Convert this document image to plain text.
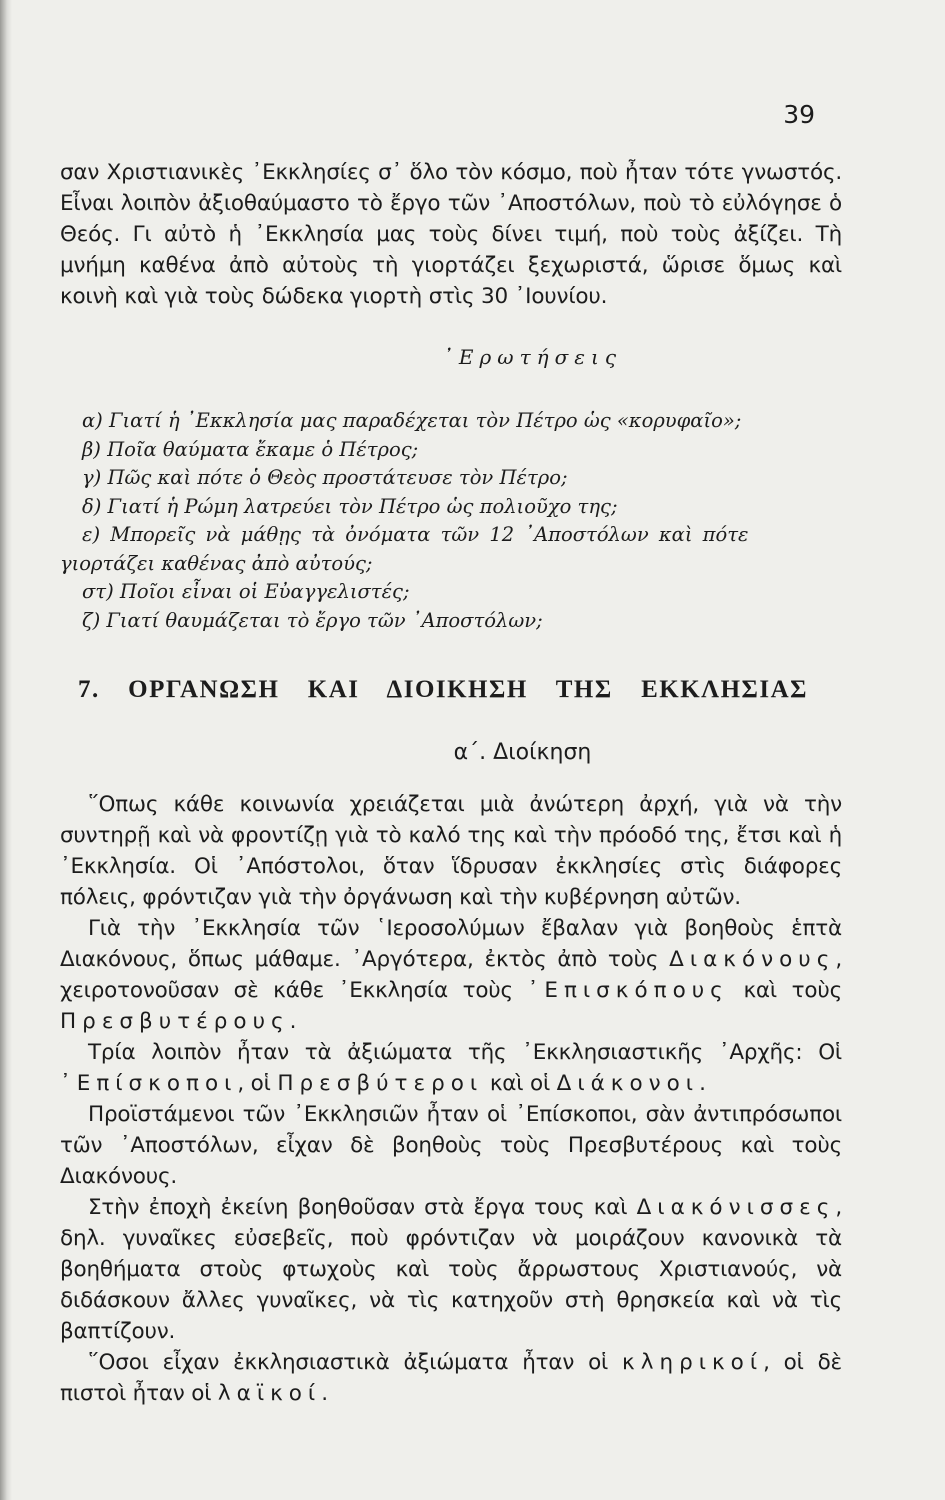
39

σαν Χριστιανικὲς ᾿Εκκλησίες σ᾿ ὅλο τὸν κόσμο, ποὺ ἦταν τότε γνωστός. Εἶναι λοιπὸν ἀξιοθαύμαστο τὸ ἔργο τῶν ᾿Αποστόλων, ποὺ τὸ εὐλόγησε ὁ Θεός. Γι αὐτὸ ἡ ᾿Εκκλησία μας τοὺς δίνει τιμή, ποὺ τοὺς ἀξίζει. Τὴ μνήμη καθένα ἀπὸ αὐτοὺς τὴ γιορτάζει ξεχωριστά, ὥρισε ὅμως καὶ κοινὴ καὶ γιὰ τοὺς δώδεκα γιορτὴ στὶς 30 ᾿Ιουνίου.

᾿Ερωτήσεις

α) Γιατί ἡ ᾿Εκκλησία μας παραδέχεται τὸν Πέτρο ὡς «κορυφαῖο»;

β) Ποῖα θαύματα ἔκαμε ὁ Πέτρος;

γ) Πῶς καὶ πότε ὁ Θεὸς προστάτευσε τὸν Πέτρο;

δ) Γιατί ἡ Ρώμη λατρεύει τὸν Πέτρο ὡς πολιοῦχο της;

ε) Μπορεῖς νὰ μάθῃς τὰ ὀνόματα τῶν 12 ᾿Αποστόλων καὶ πότε

γιορτάζει καθένας ἀπὸ αὐτούς;

στ) Ποῖοι εἶναι οἱ Εὐαγγελιστές;

ζ) Γιατί θαυμάζεται τὸ ἔργο τῶν ᾿Αποστόλων;

7. ΟΡΓΑΝΩΣΗ ΚΑΙ ΔΙΟΙΚΗΣΗ ΤΗΣ ΕΚΚΛΗΣΙΑΣ
α΄. Διοίκηση

῞Οπως κάθε κοινωνία χρειάζεται μιὰ ἀνώτερη ἀρχή, γιὰ νὰ τὴν συντηρῇ καὶ νὰ φροντίζῃ γιὰ τὸ καλό της καὶ τὴν πρόοδό της, ἔτσι καὶ ἡ ᾿Εκκλησία. Οἱ ᾿Απόστολοι, ὅταν ἵδρυσαν ἐκκλησίες στὶς διάφορες πόλεις, φρόντιζαν γιὰ τὴν ὀργάνωση καὶ τὴν κυβέρνηση αὐτῶν.

Γιὰ τὴν ᾿Εκκλησία τῶν ῾Ιεροσολύμων ἔβαλαν γιὰ βοηθοὺς ἑπτὰ Διακόνους, ὅπως μάθαμε. ᾿Αργότερα, ἐκτὸς ἀπὸ τοὺς Διακόνους, χειροτονοῦσαν σὲ κάθε ᾿Εκκλησία τοὺς ᾿Επισκόπους καὶ τοὺς Πρεσβυτέρους.

Τρία λοιπὸν ἦταν τὰ ἀξιώματα τῆς ᾿Εκκλησιαστικῆς ᾿Αρχῆς: Οἱ ᾿Επίσκοποι, οἱ Πρεσβύτεροι καὶ οἱ Διάκονοι.

Προϊστάμενοι τῶν ᾿Εκκλησιῶν ἦταν οἱ ᾿Επίσκοποι, σὰν ἀντιπρόσωποι τῶν ᾿Αποστόλων, εἶχαν δὲ βοηθοὺς τοὺς Πρεσβυτέρους καὶ τοὺς Διακόνους.

Στὴν ἐποχὴ ἐκείνη βοηθοῦσαν στὰ ἔργα τους καὶ Διακόνισσες, δηλ. γυναῖκες εὐσεβεῖς, ποὺ φρόντιζαν νὰ μοιράζουν κανονικὰ τὰ βοηθήματα στοὺς φτωχοὺς καὶ τοὺς ἄρρωστους Χριστιανούς, νὰ διδάσκουν ἄλλες γυναῖκες, νὰ τὶς κατηχοῦν στὴ θρησκεία καὶ νὰ τὶς βαπτίζουν.

῞Οσοι εἶχαν ἐκκλησιαστικὰ ἀξιώματα ἦταν οἱ κληρικοί, οἱ δὲ πιστοὶ ἦταν οἱ λαϊκοί.
